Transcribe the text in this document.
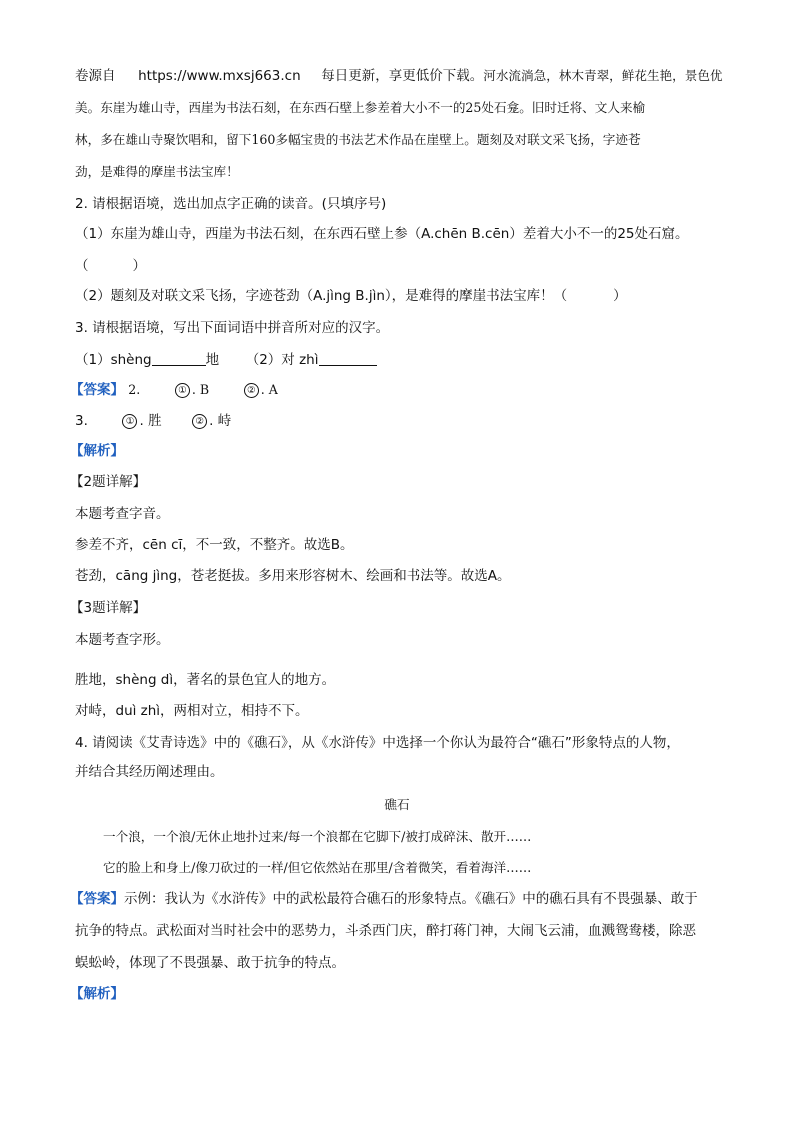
卷源自 https://www.mxsj663.cn 每日更新，享更低价下载。河水流淌急，林木青翠，鲜花生艳，景色优
美。东崖为雄山寺，西崖为书法石刻，在东西石壁上参差着大小不一的25处石龛。旧时迁将、文人来榆
林，多在雄山寺聚饮唱和，留下160多幅宝贵的书法艺术作品在崖壁上。题刻及对联文采飞扬，字迹苍
劲，是难得的摩崖书法宝库！
2. 请根据语境，选出加点字正确的读音。(只填序号)
（1）东崖为雄山寺，西崖为书法石刻，在东西石壁上参（A.chēn B.cēn）差着大小不一的25处石窟。
（	）
（2）题刻及对联文采飞扬，字迹苍劲（A.jìng B.jìn），是难得的摩崖书法宝库！（	）
3. 请根据语境，写出下面词语中拼音所对应的汉字。
（1）shèng	地 （2）对 zhì
【答案】 2.	① . B	② . A
3.	① . 胜	② . 峙
【解析】
【2题详解】
本题考查字音。
参差不齐，cēn cī，不一致，不整齐。故选B。
苍劲，cāng jìng，苍老挺拔。多用来形容树木、绘画和书法等。故选A。
【3题详解】
本题考查字形。
胜地，shèng dì，著名的景色宜人的地方。
对峙，duì zhì，两相对立，相持不下。
4. 请阅读《艾青诗选》中的《礁石》，从《水浒传》中选择一个你认为最符合“礁石”形象特点的人物，
并结合其经历阐述理由。
礁石
一个浪，一个浪/无休止地扑过来/每一个浪都在它脚下/被打成碎沫、散开……
它的脸上和身上/像刀砍过的一样/但它依然站在那里/含着微笑，看着海洋……
【答案】示例：我认为《水浒传》中的武松最符合礁石的形象特点。《礁石》中的礁石具有不畏强暴、敢于
抗争的特点。武松面对当时社会中的恶势力，斗杀西门庆，醉打蒋门神，大闹飞云浦，血溅鸳鸯楼，除恶
蜈蚣岭，体现了不畏强暴、敢于抗争的特点。
【解析】
